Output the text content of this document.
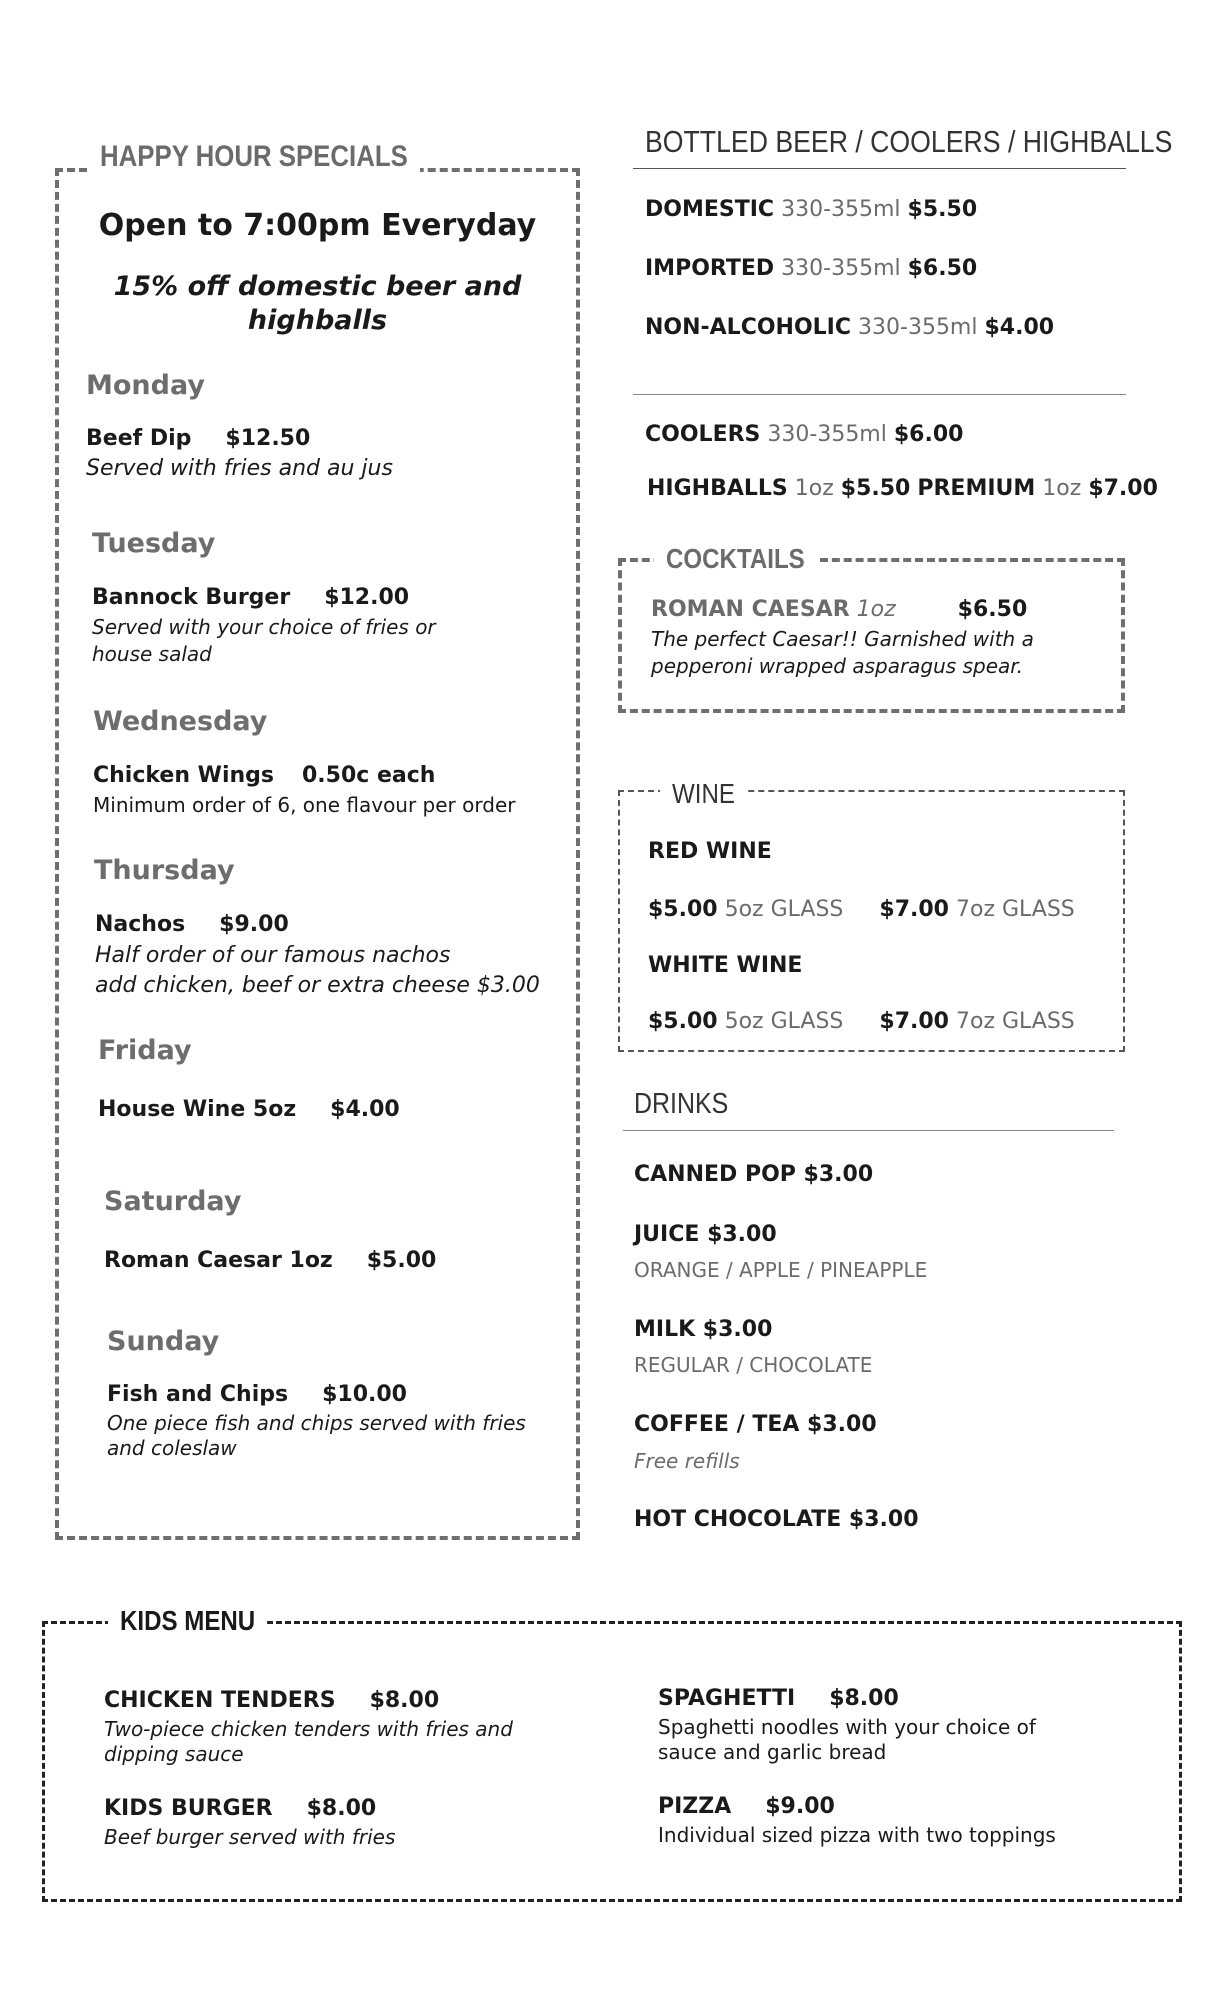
HAPPY HOUR SPECIALS
Open to 7:00pm Everyday
15% off domestic beer and
highballs
Monday
Beef Dip $12.50
Served with fries and au jus
Tuesday
Bannock Burger $12.00
Served with your choice of fries or
house salad
Wednesday
Chicken Wings 0.50c each
Minimum order of 6, one flavour per order
Thursday
Nachos $9.00
Half order of our famous nachos
add chicken, beef or extra cheese $3.00
Friday
House Wine 5oz $4.00
Saturday
Roman Caesar 1oz $5.00
Sunday
Fish and Chips $10.00
One piece fish and chips served with fries
and coleslaw
BOTTLED BEER / COOLERS / HIGHBALLS
DOMESTIC 330-355ml $5.50
IMPORTED 330-355ml $6.50
NON-ALCOHOLIC 330-355ml $4.00
COOLERS 330-355ml $6.00
HIGHBALLS 1oz $5.50 PREMIUM 1oz $7.00
COCKTAILS
ROMAN CAESAR 1oz	$6.50
The perfect Caesar!! Garnished with a
pepperoni wrapped asparagus spear.
WINE
RED WINE
$5.00 5oz GLASS $7.00 7oz GLASS
WHITE WINE
$5.00 5oz GLASS $7.00 7oz GLASS
DRINKS
CANNED POP $3.00
JUICE $3.00
ORANGE / APPLE / PINEAPPLE
MILK $3.00
REGULAR / CHOCOLATE
COFFEE / TEA $3.00
Free refills
HOT CHOCOLATE $3.00
KIDS MENU
CHICKEN TENDERS $8.00
Two-piece chicken tenders with fries and
dipping sauce
KIDS BURGER $8.00
Beef burger served with fries
SPAGHETTI $8.00
Spaghetti noodles with your choice of
sauce and garlic bread
PIZZA $9.00
Individual sized pizza with two toppings
